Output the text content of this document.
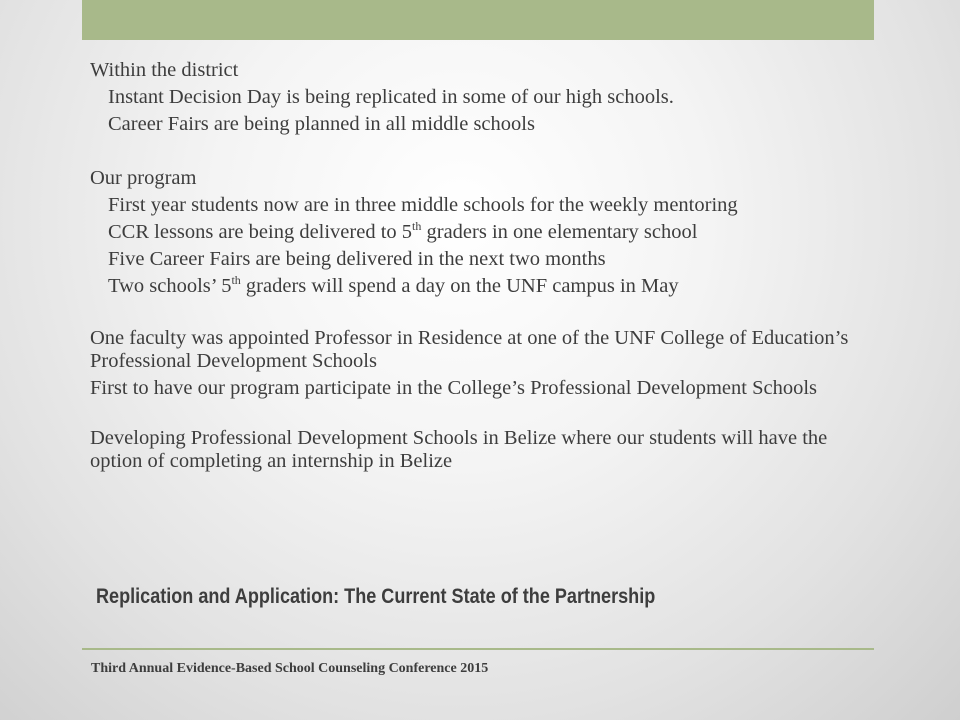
Within the district

Instant Decision Day is being replicated in some of our high schools.

Career Fairs are being planned in all middle schools

Our program

First year students now are in three middle schools for the weekly mentoring

CCR lessons are being delivered to 5th graders in one elementary school

Five Career Fairs are being delivered in the next two months

Two schools’ 5th graders will spend a day on the UNF campus in May

One faculty was appointed Professor in Residence at one of the UNF College of Education’s Professional Development Schools

First to have our program participate in the College’s Professional Development Schools

Developing Professional Development Schools in Belize where our students will have the option of completing an internship in Belize

Replication and Application: The Current State of the Partnership
Third Annual Evidence-Based School Counseling Conference 2015
